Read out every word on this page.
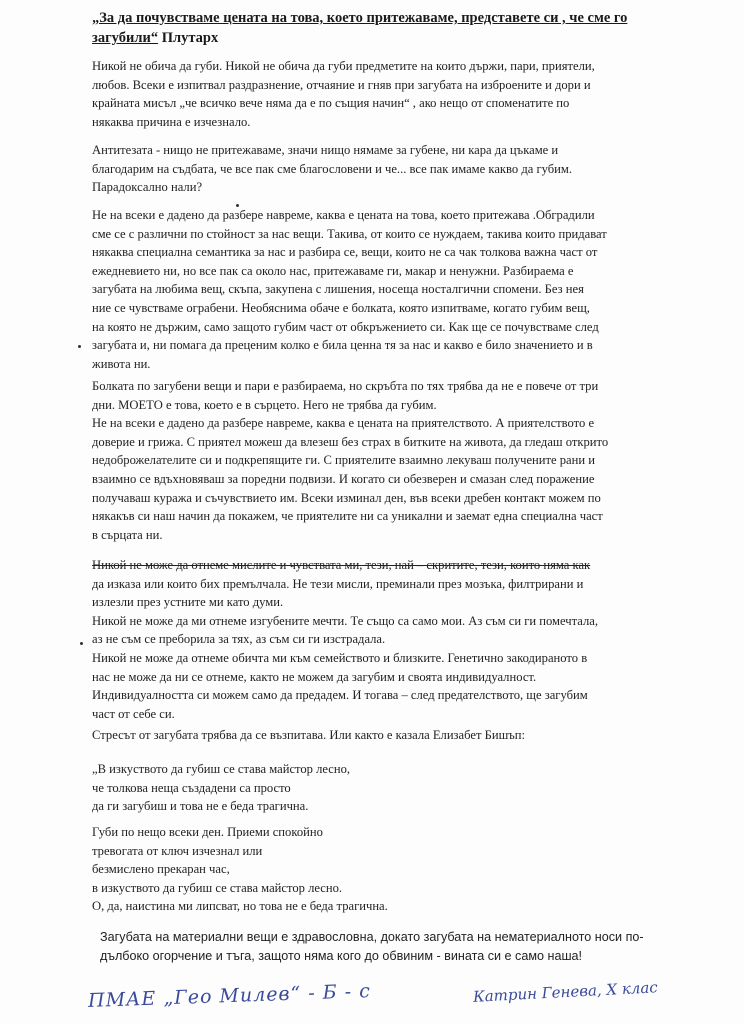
„За да почувстваме цената на това, което притежаваме, представете си , че сме го загубили“ Плутарх

Никой не обича да губи. Никой не обича да губи предметите на които държи, пари, приятели,
любов. Всеки е изпитвал раздразнение, отчаяние и гняв при загубата на изброените и дори и
крайната мисъл „че всичко вече няма да е по същия начин“ , ако нещо от споменатите по
някаква причина е изчезнало.

Антитезата - нищо не притежаваме, значи нищо нямаме за губене, ни кара да цъкаме и
благодарим на съдбата, че все пак сме благословени и че... все пак имаме какво да губим.
Парадоксално нали?

Не на всеки е дадено да разбере навреме, каква е цената на това, което притежава .Обградили
сме се с различни по стойност за нас вещи. Такива, от които се нуждаем, такива които придават
някаква специална семантика за нас и разбира се, вещи, които не са чак толкова важна част от
ежедневието ни, но все пак са около нас, притежаваме ги, макар и ненужни. Разбираема е
загубата на любима вещ, скъпа, закупена с лишения, носеща носталгични спомени. Без нея
ние се чувстваме ограбени. Необяснима обаче е болката, която изпитваме, когато губим вещ,
на която не държим, само защото губим част от обкръжението си. Как ще се почувстваме след
загубата и, ни помага да преценим колко е била ценна тя за нас и какво е било значението и в
живота ни.

Болката по загубени вещи и пари е разбираема, но скръбта по тях трябва да не е повече от три
дни. МОЕТО е това, което е в сърцето. Него не трябва да губим.
Не на всеки е дадено да разбере навреме, каква е цената на приятелството. А приятелството е
доверие и грижа. С приятел можеш да влезеш без страх в битките на живота, да гледаш открито
недоброжелателите си и подкрепящите ги. С приятелите взаимно лекуваш получените рани и
взаимно се вдъхновяваш за поредни подвизи. И когато си обезверен и смазан след поражение
получаваш куража и съчувствието им. Всеки изминал ден, във всеки дребен контакт можем по
някакъв си наш начин да покажем, че приятелите ни са уникални и заемат една специална част
в сърцата ни.

Никой не може да отнеме мислите и чувствата ми, тези, най – скритите, тези, които няма как
да изказа или които бих премълчала. Не тези мисли, преминали през мозъка, филтрирани и
излезли през устните ми като думи.
Никой не може да ми отнеме изгубените мечти. Те също са само мои. Аз съм си ги помечтала,
аз не съм се преборила за тях, аз съм си ги изстрадала.
Никой не може да отнеме обичта ми към семейството и близките. Генетично закодираното в
нас не може да ни се отнеме, както не можем да загубим и своята индивидуалност.
Индивидуалността си можем само да предадем. И тогава – след предателството, ще загубим
част от себе си.

Стресът от загубата трябва да се възпитава. Или както е казала Елизабет Бишъп:

„В изкуството да губиш се става майстор лесно,
че толкова неща създадени са просто
да ги загубиш и това не е беда трагична.

Губи по нещо всеки ден. Приеми спокойно
тревогата от ключ изчезнал или
безмислено прекаран час,
в изкуството да губиш се става майстор лесно.

О, да, наистина ми липсват, но това не е беда трагична.

Загубата на материални вещи е здравословна, докато загубата на нематериалното носи по-
дълбоко огорчение и тъга, защото няма кого до обвиним - вината си е само наша!

ПМАЕ „Гео Милев“ - Б - с	Катрин Генева, Х клас
